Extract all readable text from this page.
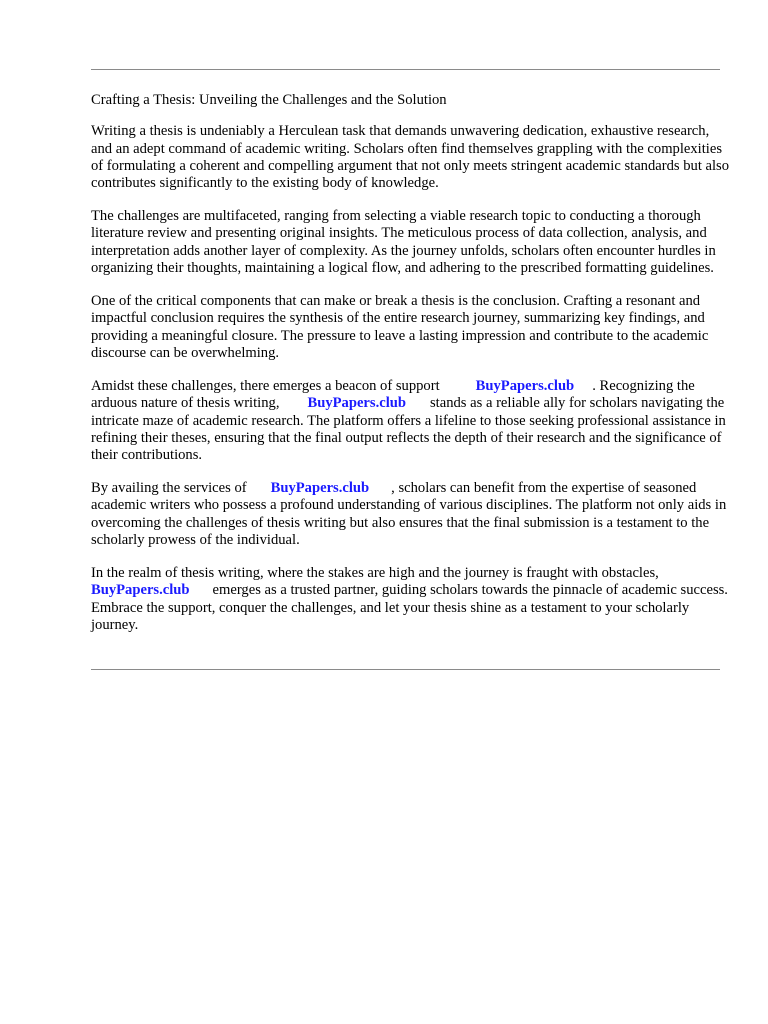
Crafting a Thesis: Unveiling the Challenges and the Solution

Writing a thesis is undeniably a Herculean task that demands unwavering dedication, exhaustive research, and an adept command of academic writing. Scholars often find themselves grappling with the complexities of formulating a coherent and compelling argument that not only meets stringent academic standards but also contributes significantly to the existing body of knowledge.

The challenges are multifaceted, ranging from selecting a viable research topic to conducting a thorough literature review and presenting original insights. The meticulous process of data collection, analysis, and interpretation adds another layer of complexity. As the journey unfolds, scholars often encounter hurdles in organizing their thoughts, maintaining a logical flow, and adhering to the prescribed formatting guidelines.

One of the critical components that can make or break a thesis is the conclusion. Crafting a resonant and impactful conclusion requires the synthesis of the entire research journey, summarizing key findings, and providing a meaningful closure. The pressure to leave a lasting impression and contribute to the academic discourse can be overwhelming.

Amidst these challenges, there emerges a beacon of support BuyPapers.club . Recognizing the arduous nature of thesis writing, BuyPapers.club stands as a reliable ally for scholars navigating the intricate maze of academic research. The platform offers a lifeline to those seeking professional assistance in refining their theses, ensuring that the final output reflects the depth of their research and the significance of their contributions.

By availing the services of BuyPapers.club , scholars can benefit from the expertise of seasoned academic writers who possess a profound understanding of various disciplines. The platform not only aids in overcoming the challenges of thesis writing but also ensures that the final submission is a testament to the scholarly prowess of the individual.

In the realm of thesis writing, where the stakes are high and the journey is fraught with obstacles, BuyPapers.club emerges as a trusted partner, guiding scholars towards the pinnacle of academic success. Embrace the support, conquer the challenges, and let your thesis shine as a testament to your scholarly journey.
